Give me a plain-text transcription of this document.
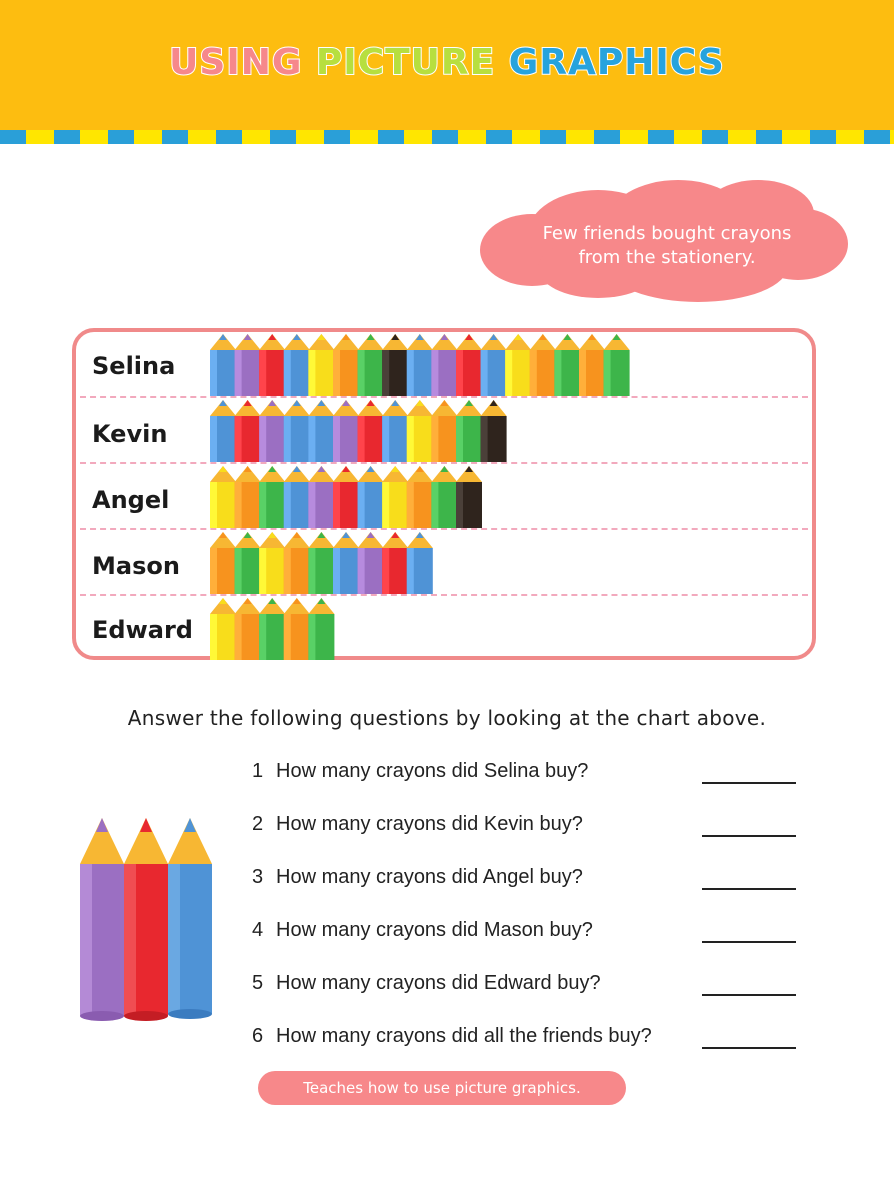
USING PICTURE GRAPHICS
Few friends bought crayons
from the stationery.
Selina
Kevin
Angel
Mason
Edward
Answer the following questions by looking at the chart above.
1 How many crayons did Selina buy?
2 How many crayons did Kevin buy?
3 How many crayons did Angel buy?
4 How many crayons did Mason buy?
5 How many crayons did Edward buy?
6 How many crayons did all the friends buy?
Teaches how to use picture graphics.
